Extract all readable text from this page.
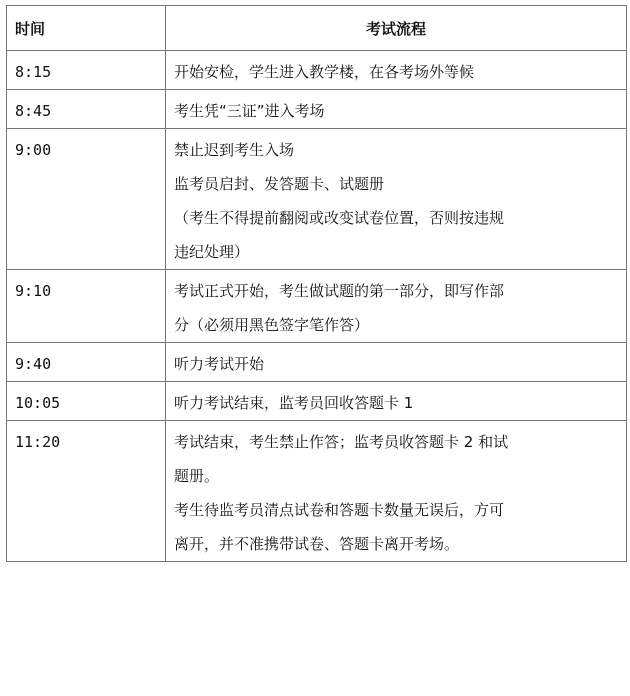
时间	考试流程
8:15	开始安检，学生进入教学楼，在各考场外等候

8:45	考生凭“三证”进入考场

9:00	禁止迟到考生入场
监考员启封、发答题卡、试题册
（考生不得提前翻阅或改变试卷位置，否则按违规
违纪处理）

9:10	考试正式开始，考生做试题的第一部分，即写作部
分（必须用黑色签字笔作答）

9:40	听力考试开始

10:05	听力考试结束，监考员回收答题卡 1

11:20	考试结束，考生禁止作答；监考员收答题卡 2 和试
题册。
考生待监考员清点试卷和答题卡数量无误后，方可
离开，并不准携带试卷、答题卡离开考场。
